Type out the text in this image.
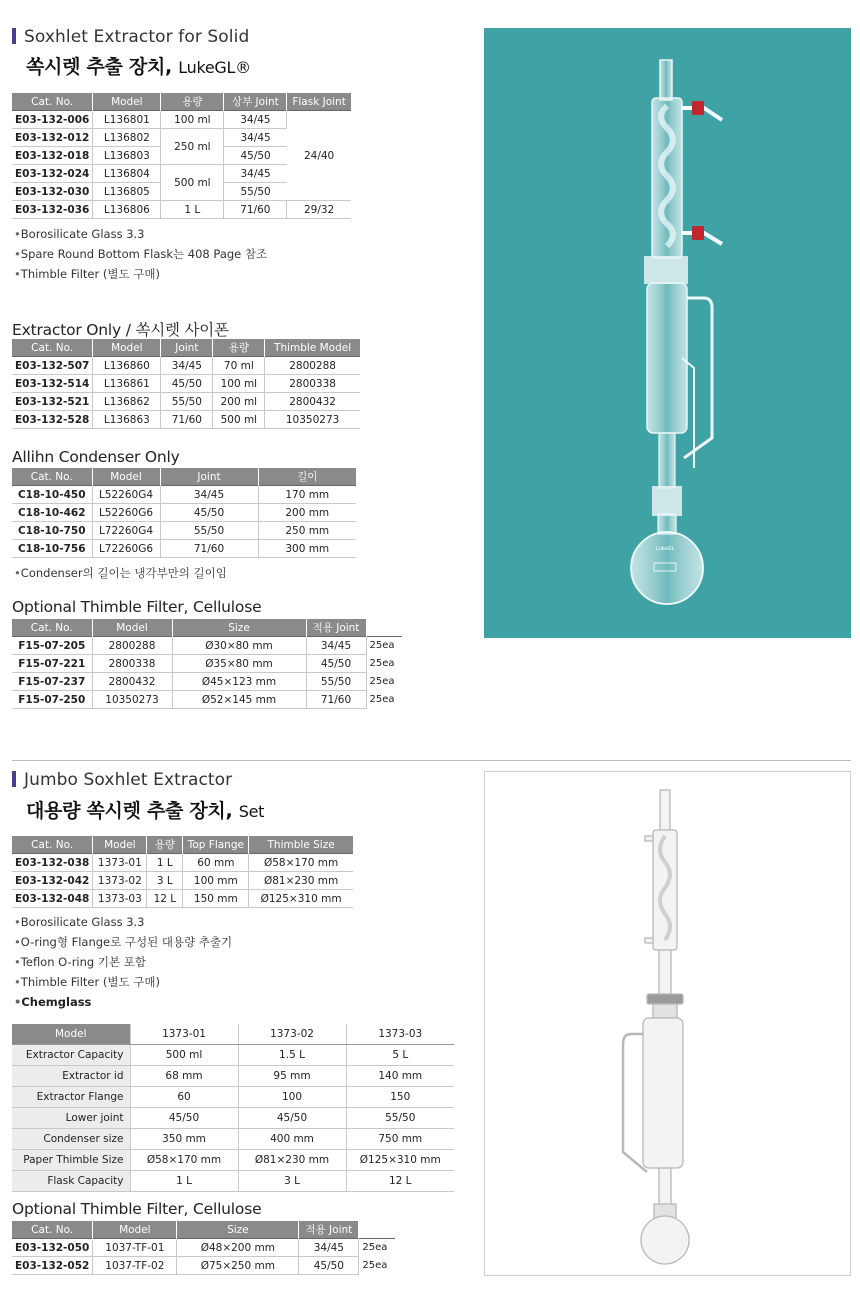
Soxhlet Extractor for Solid
쏙시렛 추출 장치, LukeGL®
Cat. No.	Model	용량	상부 Joint	Flask Joint
E03-132-006	L136801	100 ml	34/45	24/40
E03-132-012	L136802	250 ml	34/45	
E03-132-018	L136803		45/50	
E03-132-024	L136804	500 ml	34/45	
E03-132-030	L136805		55/50	
E03-132-036	L136806	1 L	71/60	29/32
• Borosilicate Glass 3.3
• Spare Round Bottom Flask는 408 Page 참조
• Thimble Filter (별도 구매)
Extractor Only / 쏙시렛 사이폰
Cat. No.	Model	Joint	용량	Thimble Model
E03-132-507	L136860	34/45	70 ml	2800288
E03-132-514	L136861	45/50	100 ml	2800338
E03-132-521	L136862	55/50	200 ml	2800432
E03-132-528	L136863	71/60	500 ml	10350273
Allihn Condenser Only
Cat. No.	Model	Joint	길이
C18-10-450	L52260G4	34/45	170 mm
C18-10-462	L52260G6	45/50	200 mm
C18-10-750	L72260G4	55/50	250 mm
C18-10-756	L72260G6	71/60	300 mm
• Condenser의 길이는 냉각부만의 길이임
Optional Thimble Filter, Cellulose
Cat. No.	Model	Size	적용 Joint	
F15-07-205	2800288	Ø30×80 mm	34/45	25ea
F15-07-221	2800338	Ø35×80 mm	45/50	25ea
F15-07-237	2800432	Ø45×123 mm	55/50	25ea
F15-07-250	10350273	Ø52×145 mm	71/60	25ea
LukeGL
Jumbo Soxhlet Extractor
대용량 쏙시렛 추출 장치, Set
Cat. No.	Model	용량	Top Flange	Thimble Size
E03-132-038	1373-01	1 L	60 mm	Ø58×170 mm
E03-132-042	1373-02	3 L	100 mm	Ø81×230 mm
E03-132-048	1373-03	12 L	150 mm	Ø125×310 mm
• Borosilicate Glass 3.3
• O-ring형 Flange로 구성된 대용량 추출기
• Teflon O-ring 기본 포함
• Thimble Filter (별도 구매)
• Chemglass
Model	1373-01	1373-02	1373-03
Extractor Capacity	500 ml	1.5 L	5 L
Extractor id	68 mm	95 mm	140 mm
Extractor Flange	60	100	150
Lower joint	45/50	45/50	55/50
Condenser size	350 mm	400 mm	750 mm
Paper Thimble Size	Ø58×170 mm	Ø81×230 mm	Ø125×310 mm
Flask Capacity	1 L	3 L	12 L
Optional Thimble Filter, Cellulose
Cat. No.	Model	Size	적용 Joint	
E03-132-050	1037-TF-01	Ø48×200 mm	34/45	25ea
E03-132-052	1037-TF-02	Ø75×250 mm	45/50	25ea
